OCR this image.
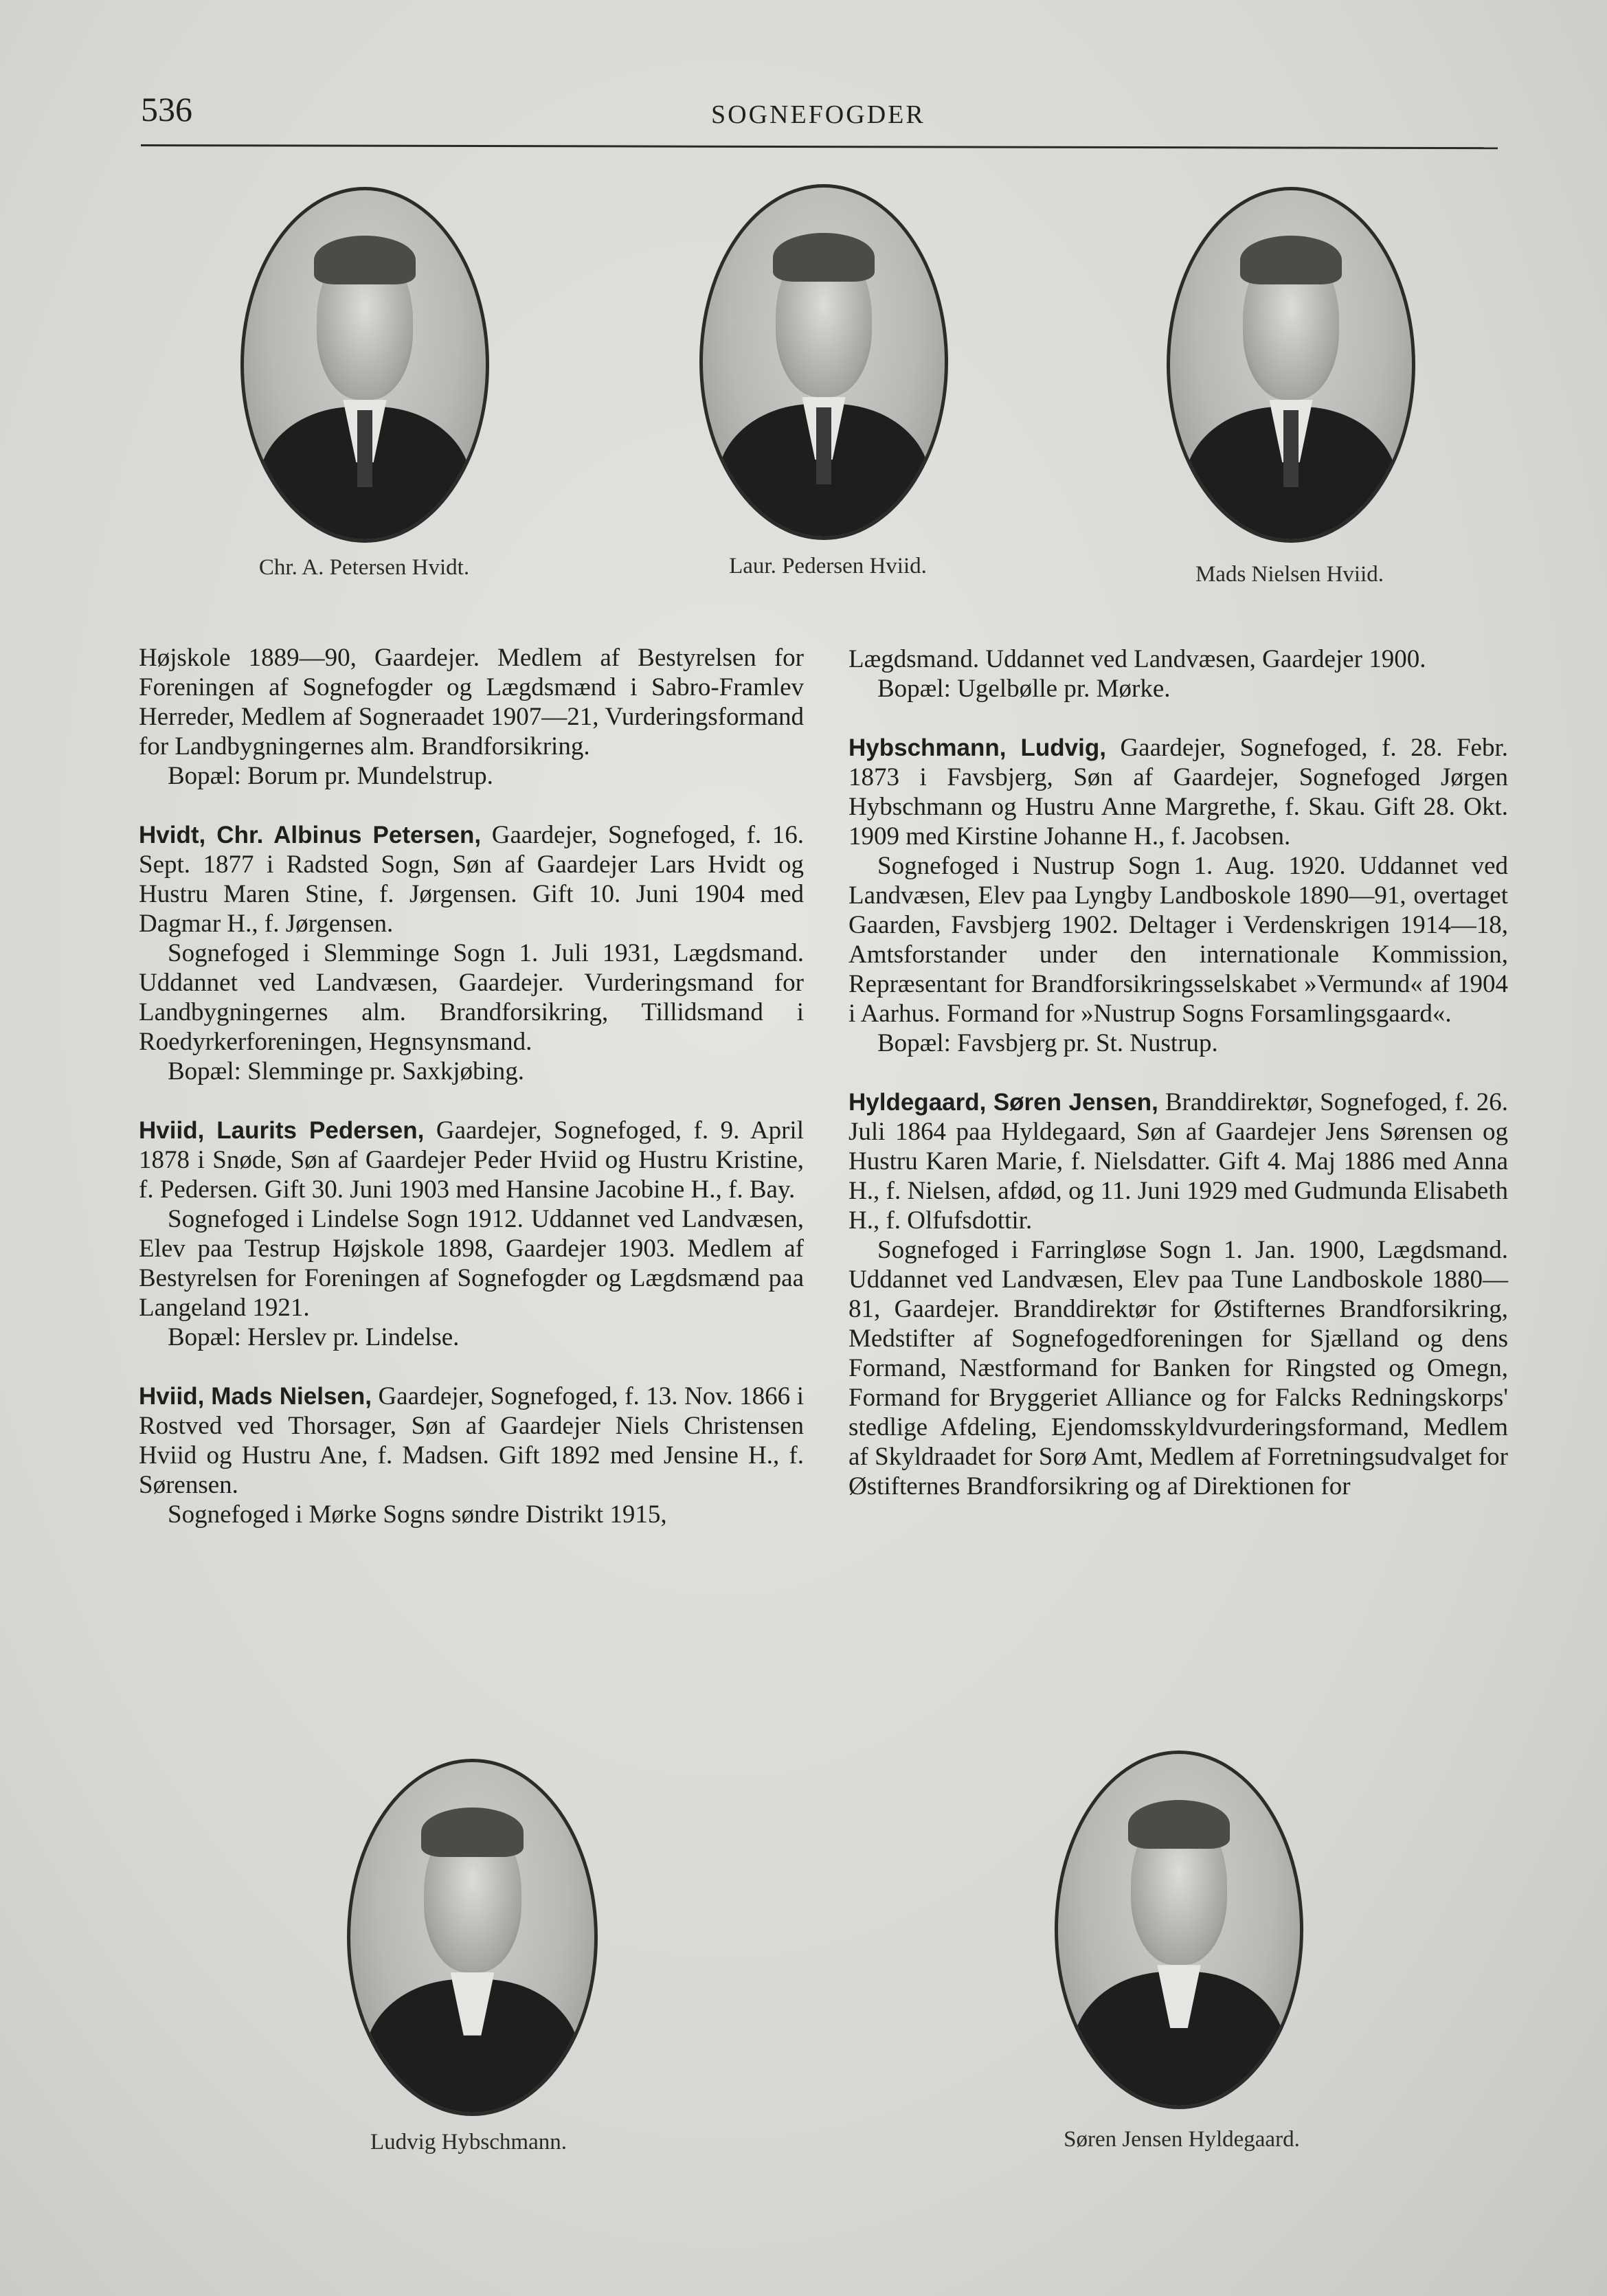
536	SOGNEFOGDER
Chr. A. Petersen Hvidt.	Laur. Pedersen Hviid.	Mads Nielsen Hviid.

Højskole 1889—90, Gaardejer. Medlem af Bestyrelsen for Foreningen af Sognefogder og Lægdsmænd i Sabro-Framlev Herreder, Medlem af Sogneraadet 1907—21, Vurderingsformand for Landbygningernes alm. Brandforsikring.

Bopæl: Borum pr. Mundelstrup.

Hvidt, Chr. Albinus Petersen, Gaardejer, Sognefoged, f. 16. Sept. 1877 i Radsted Sogn, Søn af Gaardejer Lars Hvidt og Hustru Maren Stine, f. Jørgensen. Gift 10. Juni 1904 med Dagmar H., f. Jørgensen.

Sognefoged i Slemminge Sogn 1. Juli 1931, Lægdsmand. Uddannet ved Landvæsen, Gaardejer. Vurderingsmand for Landbygningernes alm. Brandforsikring, Tillidsmand i Roedyrkerforeningen, Hegnsynsmand.

Bopæl: Slemminge pr. Saxkjøbing.

Hviid, Laurits Pedersen, Gaardejer, Sognefoged, f. 9. April 1878 i Snøde, Søn af Gaardejer Peder Hviid og Hustru Kristine, f. Pedersen. Gift 30. Juni 1903 med Hansine Jacobine H., f. Bay.

Sognefoged i Lindelse Sogn 1912. Uddannet ved Landvæsen, Elev paa Testrup Højskole 1898, Gaardejer 1903. Medlem af Bestyrelsen for Foreningen af Sognefogder og Lægdsmænd paa Langeland 1921.

Bopæl: Herslev pr. Lindelse.

Hviid, Mads Nielsen, Gaardejer, Sognefoged, f. 13. Nov. 1866 i Rostved ved Thorsager, Søn af Gaardejer Niels Christensen Hviid og Hustru Ane, f. Madsen. Gift 1892 med Jensine H., f. Sørensen.

Sognefoged i Mørke Sogns søndre Distrikt 1915,

Lægdsmand. Uddannet ved Landvæsen, Gaardejer 1900.

Bopæl: Ugelbølle pr. Mørke.

Hybschmann, Ludvig, Gaardejer, Sognefoged, f. 28. Febr. 1873 i Favsbjerg, Søn af Gaardejer, Sognefoged Jørgen Hybschmann og Hustru Anne Margrethe, f. Skau. Gift 28. Okt. 1909 med Kirstine Johanne H., f. Jacobsen.

Sognefoged i Nustrup Sogn 1. Aug. 1920. Uddannet ved Landvæsen, Elev paa Lyngby Landboskole 1890—91, overtaget Gaarden, Favsbjerg 1902. Deltager i Verdenskrigen 1914—18, Amtsforstander under den internationale Kommission, Repræsentant for Brandforsikringsselskabet »Vermund« af 1904 i Aarhus. Formand for »Nustrup Sogns Forsamlingsgaard«.

Bopæl: Favsbjerg pr. St. Nustrup.

Hyldegaard, Søren Jensen, Branddirektør, Sognefoged, f. 26. Juli 1864 paa Hyldegaard, Søn af Gaardejer Jens Sørensen og Hustru Karen Marie, f. Nielsdatter. Gift 4. Maj 1886 med Anna H., f. Nielsen, afdød, og 11. Juni 1929 med Gudmunda Elisabeth H., f. Olfufsdottir.

Sognefoged i Farringløse Sogn 1. Jan. 1900, Lægdsmand. Uddannet ved Landvæsen, Elev paa Tune Landboskole 1880—81, Gaardejer. Branddirektør for Østifternes Brandforsikring, Medstifter af Sognefogedforeningen for Sjælland og dens Formand, Næstformand for Banken for Ringsted og Omegn, Formand for Bryggeriet Alliance og for Falcks Redningskorps' stedlige Afdeling, Ejendomsskyldvurderingsformand, Medlem af Skyldraadet for Sorø Amt, Medlem af Forretningsudvalget for Østifternes Brandforsikring og af Direktionen for

Ludvig Hybschmann.	Søren Jensen Hyldegaard.
